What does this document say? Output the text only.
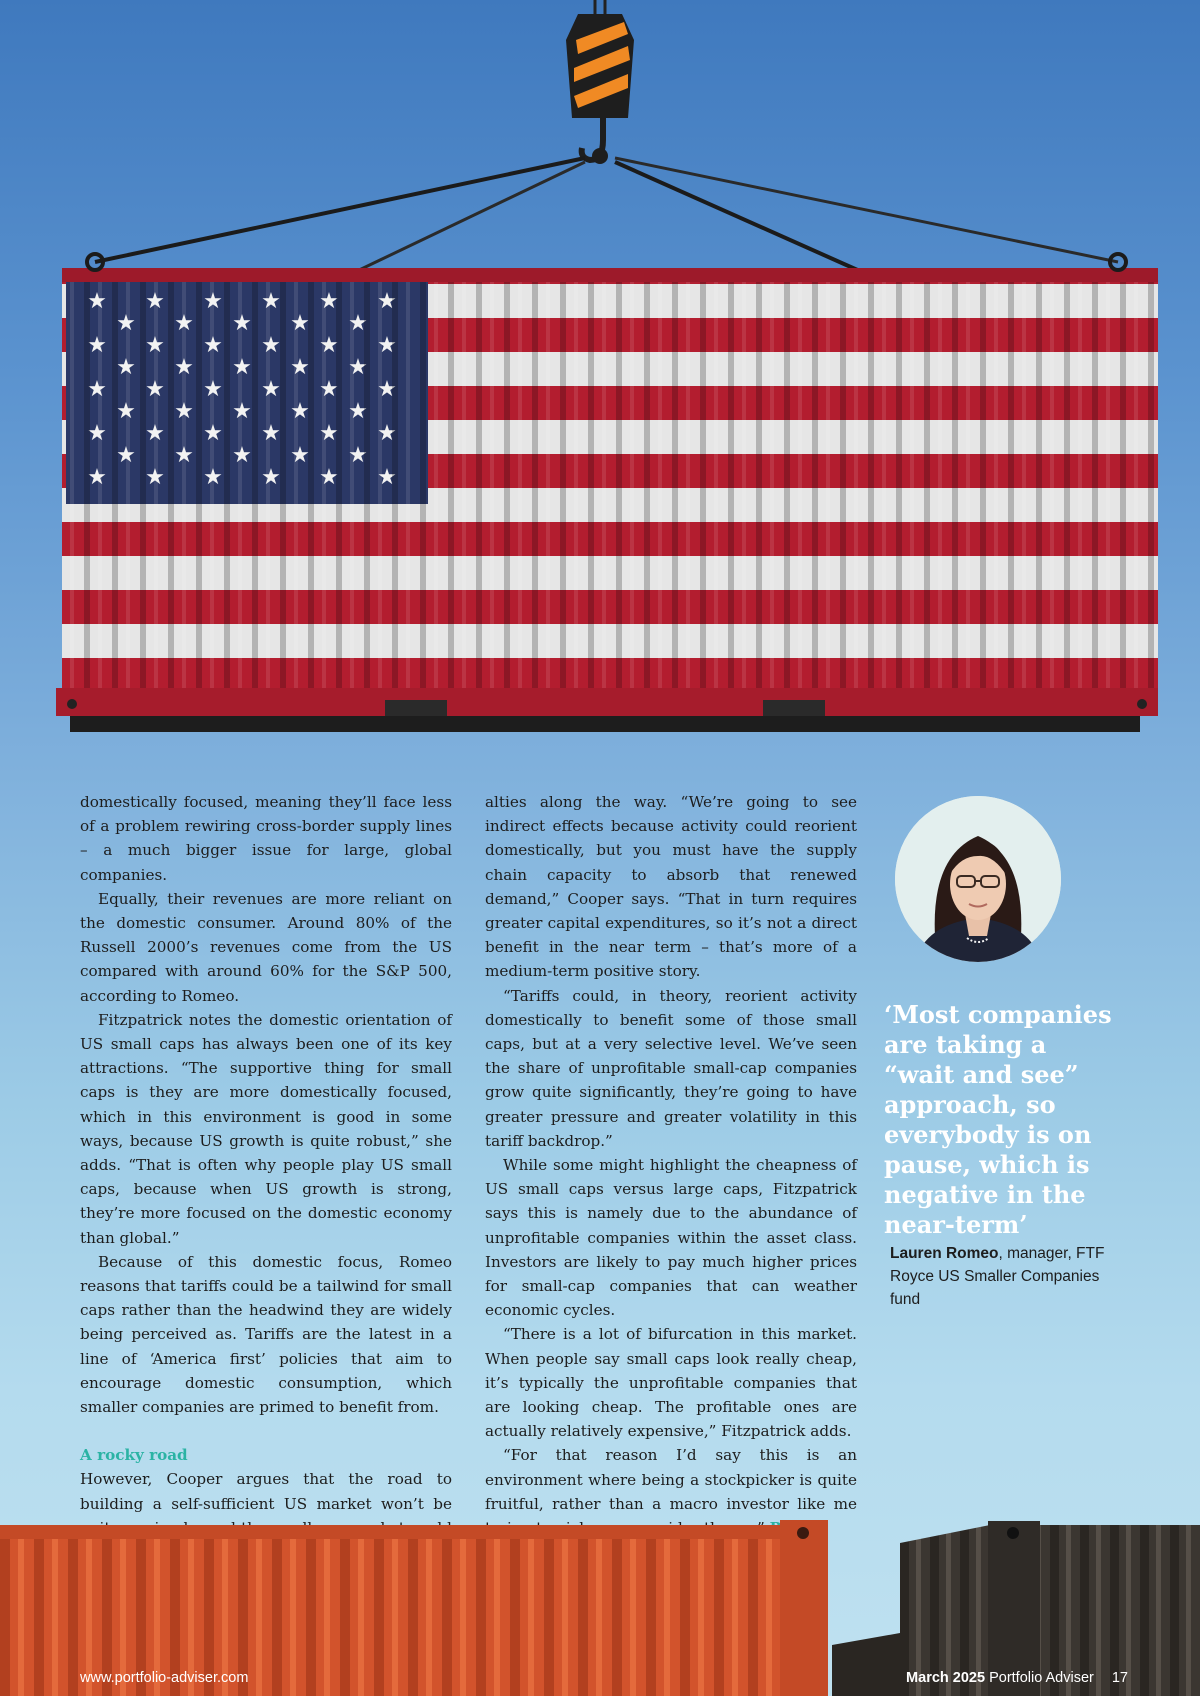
domestically focused, meaning they’ll face less of a problem rewiring cross-border supply lines – a much bigger issue for large, global companies.

Equally, their revenues are more reliant on the domestic consumer. Around 80% of the Russell 2000’s revenues come from the US compared with around 60% for the S&P 500, according to Romeo.

Fitzpatrick notes the domestic orientation of US small caps has always been one of its key attractions. “The supportive thing for small caps is they are more domestically focused, which in this environment is good in some ways, because US growth is quite robust,” she adds. “That is often why people play US small caps, because when US growth is strong, they’re more focused on the domestic economy than global.”

Because of this domestic focus, Romeo reasons that tariffs could be a tailwind for small caps rather than the headwind they are widely being perceived as. Tariffs are the latest in a line of ‘America first’ policies that aim to encourage domestic consumption, which smaller companies are primed to benefit from.

A rocky road

However, Cooper argues that the road to building a self-sufficient US market won’t be

alties along the way. “We’re going to see indirect effects because activity could reorient domestically, but you must have the supply chain capacity to absorb that renewed demand,” Cooper says. “That in turn requires greater capital expenditures, so it’s not a direct benefit in the near term – that’s more of a medium-term positive story.

“Tariffs could, in theory, reorient activity domestically to benefit some of those small caps, but at a very selective level. We’ve seen the share of unprofitable small-cap companies grow quite significantly, they’re going to have greater pressure and greater volatility in this tariff backdrop.”

While some might highlight the cheapness of US small caps versus large caps, Fitzpatrick says this is namely due to the abundance of unprofitable companies within the asset class. Investors are likely to pay much higher prices for small-cap companies that can weather economic cycles.

“There is a lot of bifurcation in this market. When people say small caps look really cheap, it’s typically the unprofitable companies that are looking cheap. The profitable ones are actually relatively expensive,” Fitzpatrick adds.

“For that reason I’d say this is an environment where being a stockpicker is quite fruitful, rather than a macro investor like me

‘Most companies are taking a “wait and see” approach, so everybody is on pause, which is negative in the near-term’
Lauren Romeo, manager, FTF Royce US Smaller Companies fund
www.portfolio-adviser.com	March 2025 Portfolio Adviser 17
